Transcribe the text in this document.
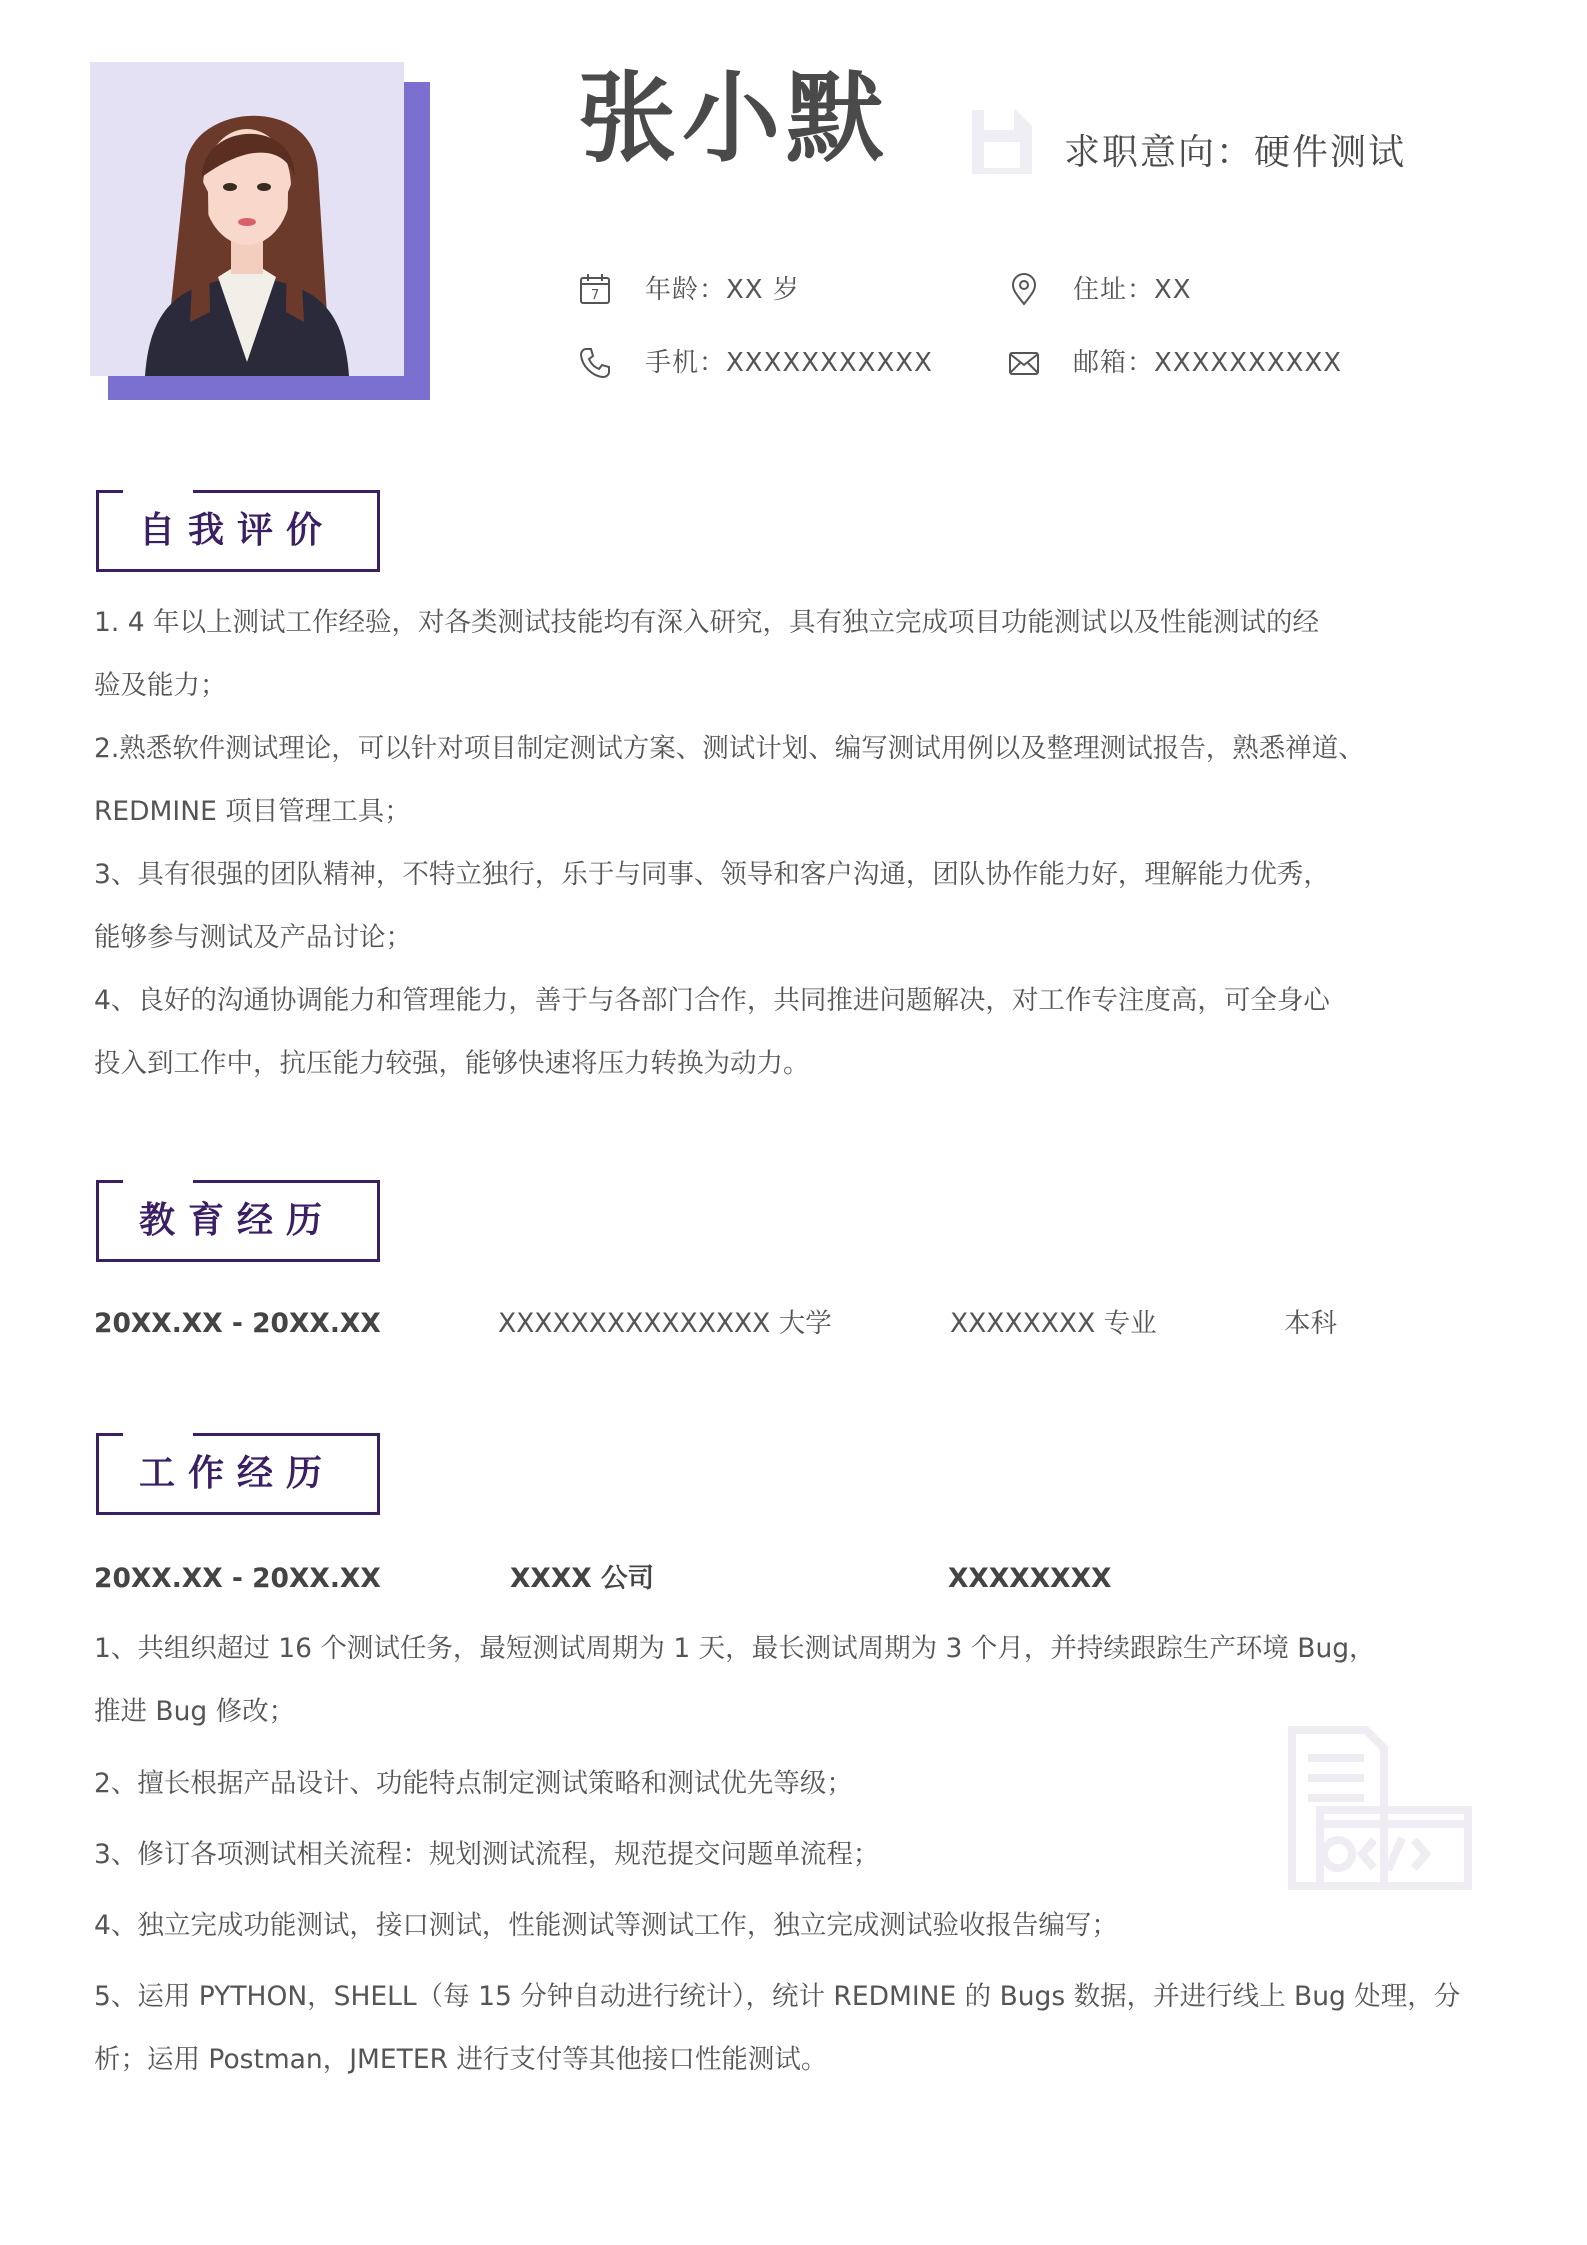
张小默	求职意向：硬件测试
7 年龄：XX 岁	住址：XX
手机：XXXXXXXXXXX	邮箱：XXXXXXXXXX
自我评价
1. 4 年以上测试工作经验，对各类测试技能均有深入研究，具有独立完成项目功能测试以及性能测试的经
验及能力；
2.熟悉软件测试理论，可以针对项目制定测试方案、测试计划、编写测试用例以及整理测试报告，熟悉禅道、
REDMINE 项目管理工具；
3、具有很强的团队精神，不特立独行，乐于与同事、领导和客户沟通，团队协作能力好，理解能力优秀，
能够参与测试及产品讨论；
4、良好的沟通协调能力和管理能力，善于与各部门合作，共同推进问题解决，对工作专注度高，可全身心
投入到工作中，抗压能力较强，能够快速将压力转换为动力。
教育经历
20XX.XX - 20XX.XX	XXXXXXXXXXXXXXX 大学	XXXXXXXX 专业	本科
工作经历
20XX.XX - 20XX.XX	XXXX 公司	XXXXXXXX
1、共组织超过 16 个测试任务，最短测试周期为 1 天，最长测试周期为 3 个月，并持续跟踪生产环境 Bug，
推进 Bug 修改；
2、擅长根据产品设计、功能特点制定测试策略和测试优先等级；
3、修订各项测试相关流程：规划测试流程，规范提交问题单流程；
4、独立完成功能测试，接口测试，性能测试等测试工作，独立完成测试验收报告编写；
5、运用 PYTHON，SHELL（每 15 分钟自动进行统计），统计 REDMINE 的 Bugs 数据，并进行线上 Bug 处理，分
析；运用 Postman，JMETER 进行支付等其他接口性能测试。
